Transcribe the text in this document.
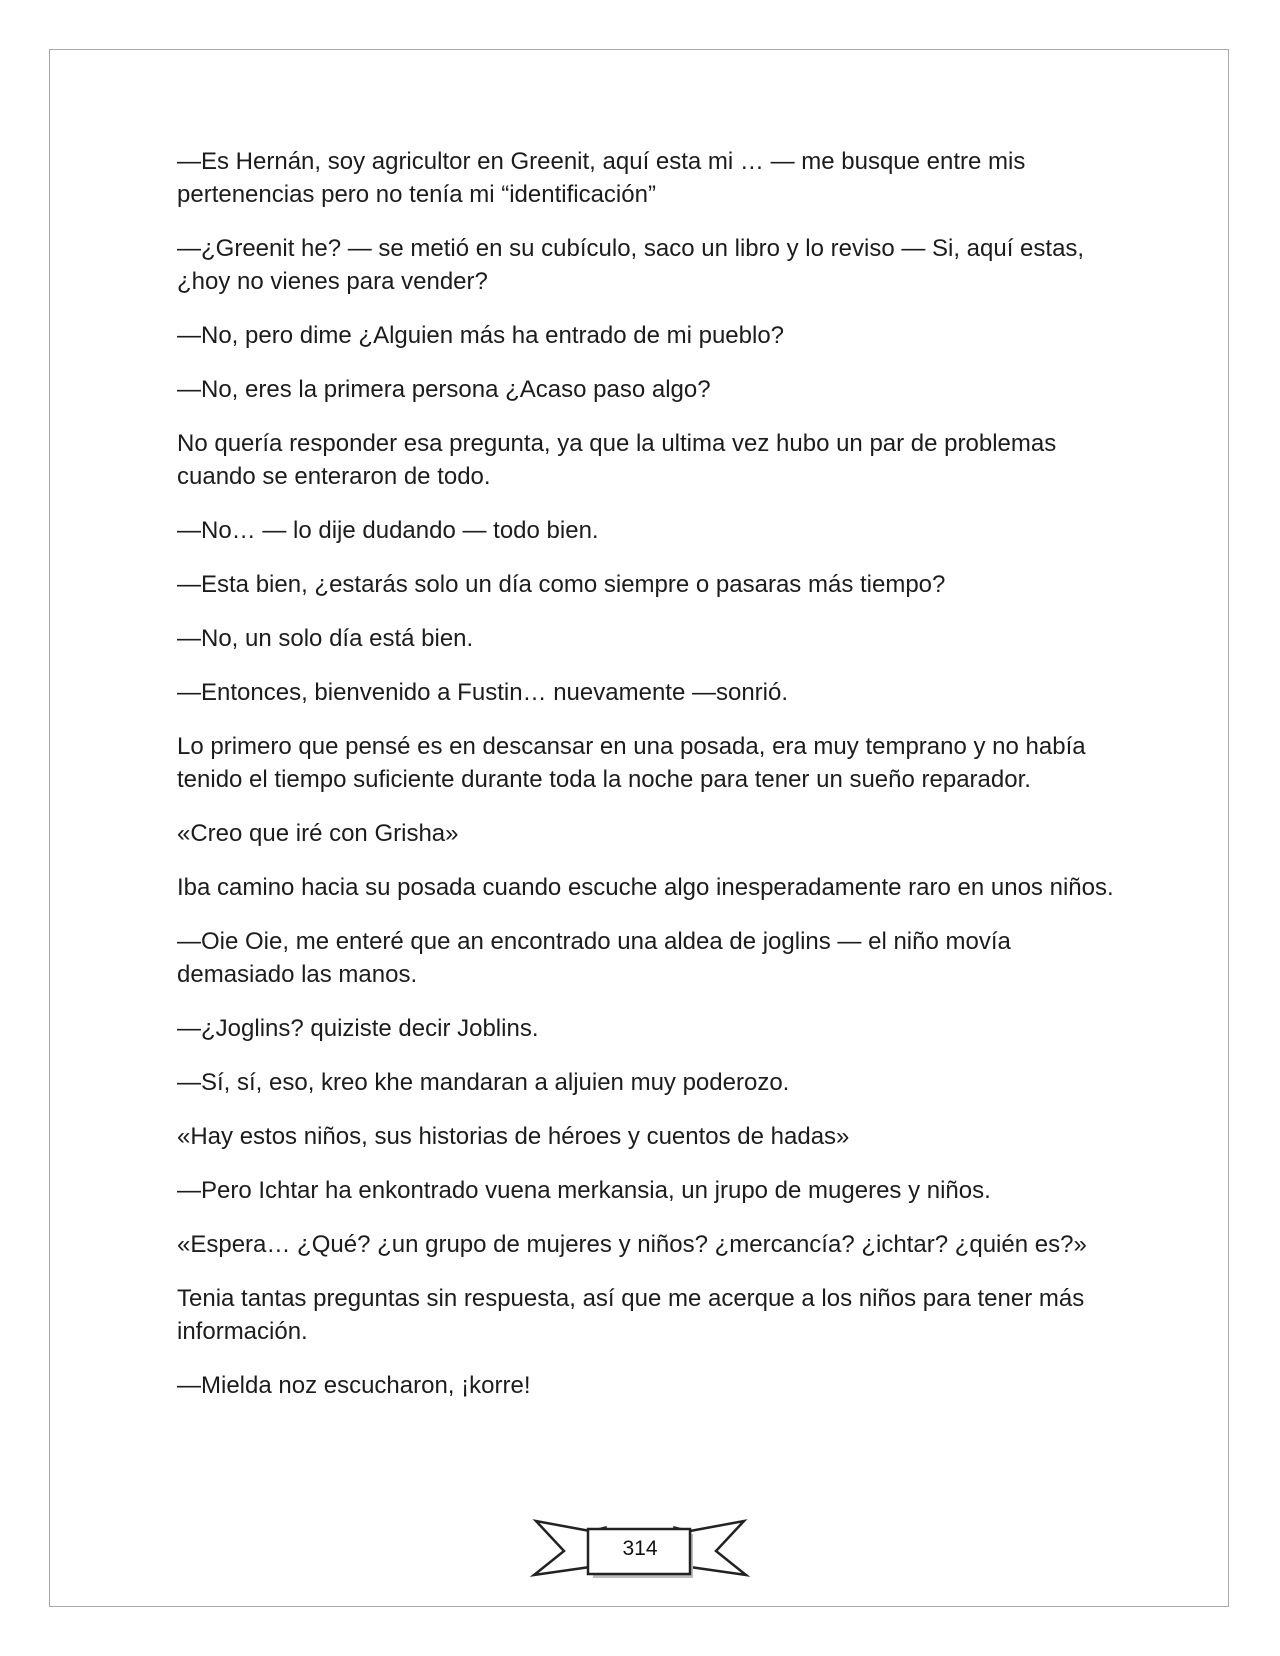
—Es Hernán, soy agricultor en Greenit, aquí esta mi … — me busque entre mis pertenencias pero no tenía mi “identificación”

—¿Greenit he? — se metió en su cubículo, saco un libro y lo reviso — Si, aquí estas, ¿hoy no vienes para vender?

—No, pero dime ¿Alguien más ha entrado de mi pueblo?

—No, eres la primera persona ¿Acaso paso algo?

No quería responder esa pregunta, ya que la ultima vez hubo un par de problemas cuando se enteraron de todo.

—No… — lo dije dudando — todo bien.

—Esta bien, ¿estarás solo un día como siempre o pasaras más tiempo?

—No, un solo día está bien.

—Entonces, bienvenido a Fustin… nuevamente —sonrió.

Lo primero que pensé es en descansar en una posada, era muy temprano y no había tenido el tiempo suficiente durante toda la noche para tener un sueño reparador.

«Creo que iré con Grisha»

Iba camino hacia su posada cuando escuche algo inesperadamente raro en unos niños.

—Oie Oie, me enteré que an encontrado una aldea de joglins — el niño movía demasiado las manos.

—¿Joglins? quiziste decir Joblins.

—Sí, sí, eso, kreo khe mandaran a aljuien muy poderozo.

«Hay estos niños, sus historias de héroes y cuentos de hadas»

—Pero Ichtar ha enkontrado vuena merkansia, un jrupo de mugeres y niños.

«Espera… ¿Qué? ¿un grupo de mujeres y niños? ¿mercancía? ¿ichtar? ¿quién es?»

Tenia tantas preguntas sin respuesta, así que me acerque a los niños para tener más información.

—Mielda noz escucharon, ¡korre!

314
